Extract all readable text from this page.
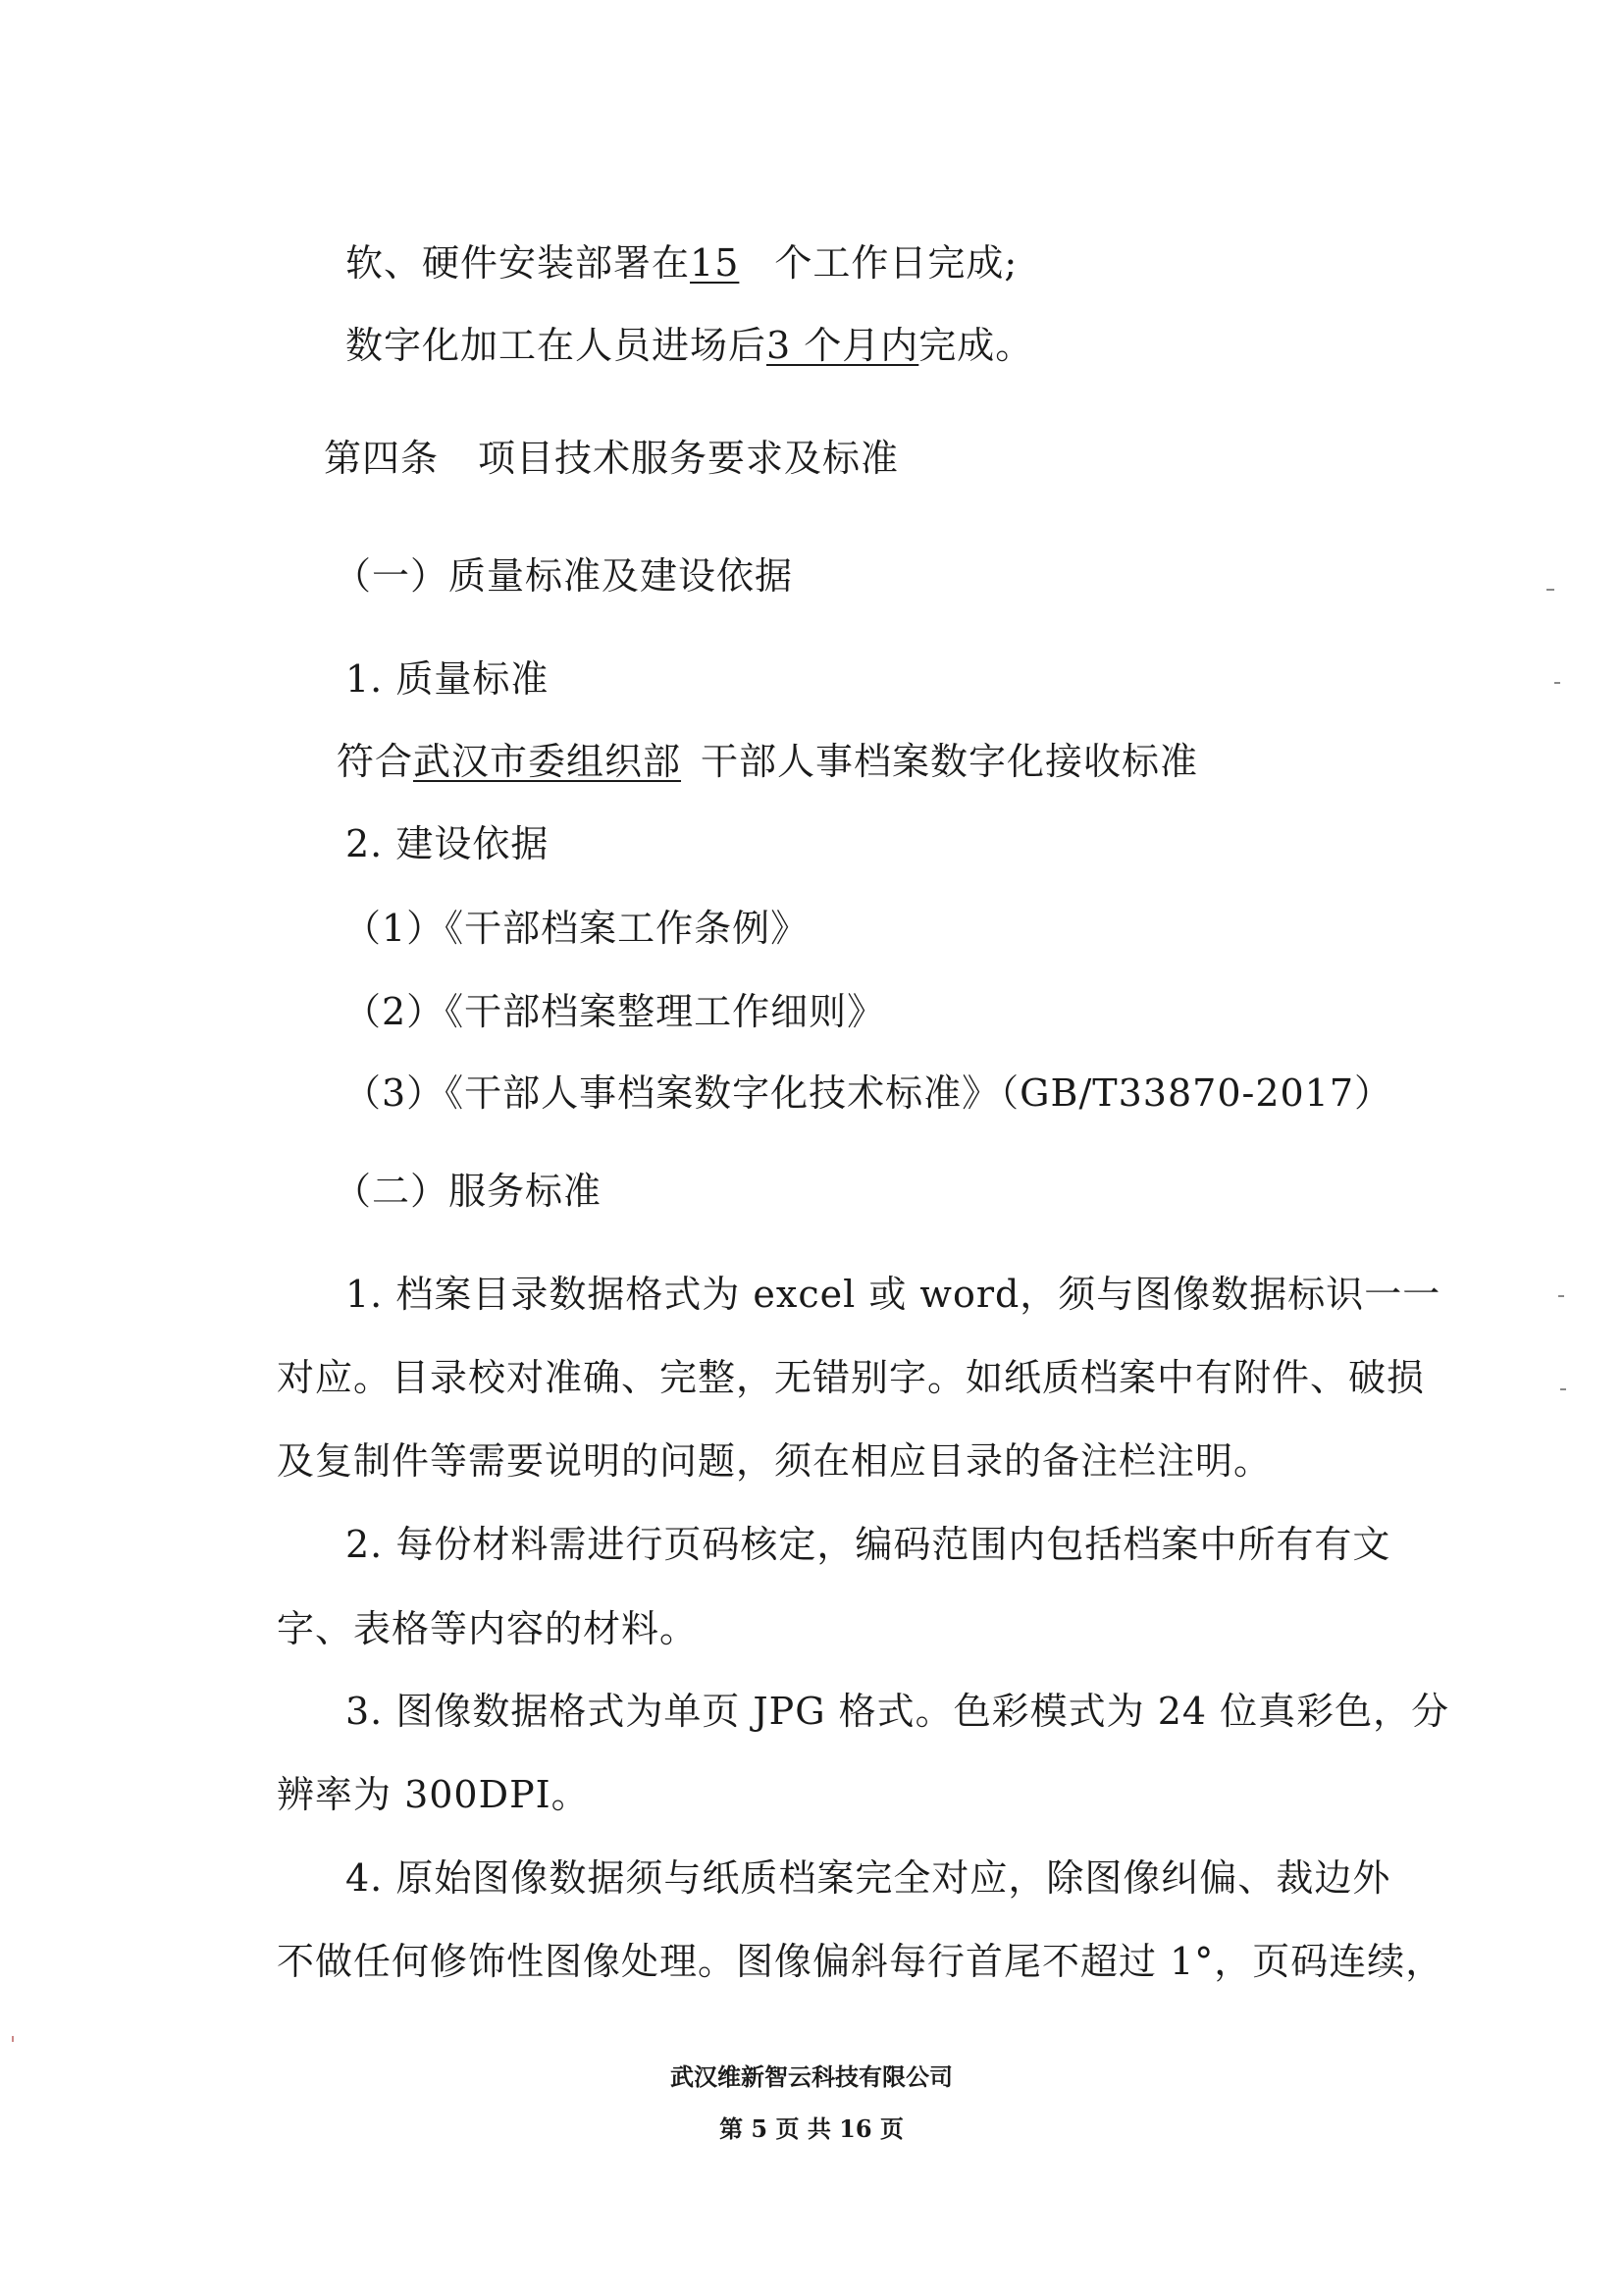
软、硬件安装部署在15 个工作日完成;
数字化加工在人员进场后3 个月内完成。
第四条 项目技术服务要求及标准
（一）质量标准及建设依据
1. 质量标准
符合武汉市委组织部 干部人事档案数字化接收标准
2. 建设依据
（1）《干部档案工作条例》
（2）《干部档案整理工作细则》
（3）《干部人事档案数字化技术标准》（GB/T33870-2017）
（二）服务标准
1. 档案目录数据格式为 excel 或 word，须与图像数据标识一一
对应。目录校对准确、完整，无错别字。如纸质档案中有附件、破损
及复制件等需要说明的问题，须在相应目录的备注栏注明。
2. 每份材料需进行页码核定，编码范围内包括档案中所有有文
字、表格等内容的材料。
3. 图像数据格式为单页 JPG 格式。色彩模式为 24 位真彩色，分
辨率为 300DPI。
4. 原始图像数据须与纸质档案完全对应，除图像纠偏、裁边外
不做任何修饰性图像处理。图像偏斜每行首尾不超过 1°，页码连续，
武汉维新智云科技有限公司
第 5 页 共 16 页
